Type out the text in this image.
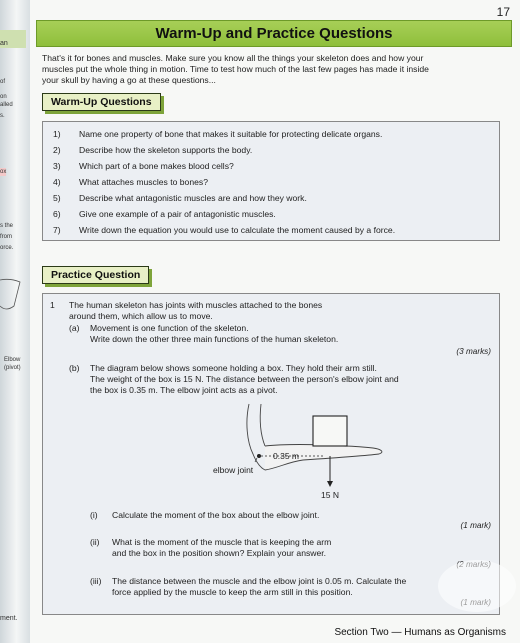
an
of
on
alled
s.
ox
s the
from
orce.
Elbow
(pivot)
ment.
17
Warm-Up and Practice Questions
That's it for bones and muscles. Make sure you know all the things your skeleton does and how your
muscles put the whole thing in motion. Time to test how much of the last few pages has made it inside
your skull by having a go at these questions...
Warm-Up Questions
1)	Name one property of bone that makes it suitable for protecting delicate organs.
2)	Describe how the skeleton supports the body.
3)	Which part of a bone makes blood cells?
4)	What attaches muscles to bones?
5)	Describe what antagonistic muscles are and how they work.
6)	Give one example of a pair of antagonistic muscles.
7)	Write down the equation you would use to calculate the moment caused by a force.
Practice Question
1 The human skeleton has joints with muscles attached to the bones
around them, which allow us to move.
(a) Movement is one function of the skeleton.
Write down the other three main functions of the human skeleton.
(3 marks)
(b) The diagram below shows someone holding a box. They hold their arm still.
The weight of the box is 15 N. The distance between the person's elbow joint and
the box is 0.35 m. The elbow joint acts as a pivot.
0.35 m
elbow joint
15 N
(i) Calculate the moment of the box about the elbow joint.
(1 mark)
(ii) What is the moment of the muscle that is keeping the arm
and the box in the position shown? Explain your answer.
(iii) The distance between the muscle and the elbow joint is 0.05 m. Calculate the
force applied by the muscle to keep the arm still in this position.
Section Two — Humans as Organisms
